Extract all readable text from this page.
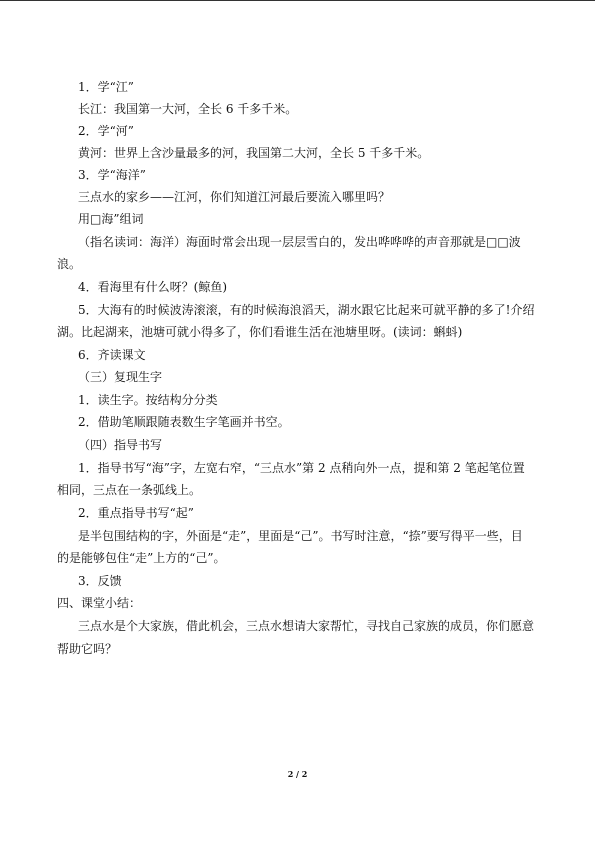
1．学“江”
长江：我国第一大河，全长 6 千多千米。
2．学“河”
黄河：世界上含沙量最多的河，我国第二大河，全长 5 千多千米。
3．学“海洋”
三点水的家乡——江河，你们知道江河最后要流入哪里吗？
用□海”组词
（指名读词：海洋）海面时常会出现一层层雪白的，发出哗哗哗的声音那就是□□波
浪。
4．看海里有什么呀？(鲸鱼)
5．大海有的时候波涛滚滚，有的时候海浪滔天，湖水跟它比起来可就平静的多了!介绍
湖。比起湖来，池塘可就小得多了，你们看谁生活在池塘里呀。(读词：蝌蚪)
6．齐读课文
（三）复现生字
1．读生字。按结构分分类
2．借助笔顺跟随表数生字笔画并书空。
（四）指导书写
1．指导书写“海”字，左宽右窄，“三点水”第 2 点稍向外一点，提和第 2 笔起笔位置
相同，三点在一条弧线上。
2．重点指导书写“起”
是半包围结构的字，外面是“走”，里面是“己”。书写时注意，“捺”要写得平一些，目
的是能够包住“走”上方的“己”。
3．反馈
四、课堂小结：
三点水是个大家族，借此机会，三点水想请大家帮忙，寻找自己家族的成员，你们愿意
帮助它吗？
2 / 2
